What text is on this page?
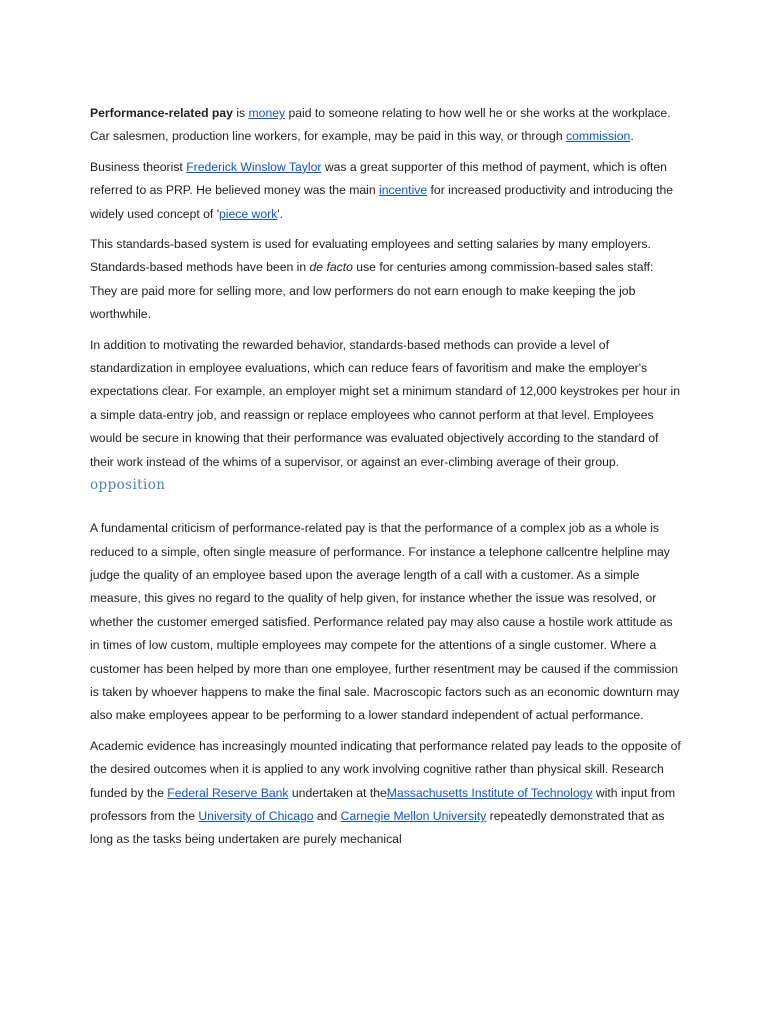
Performance-related pay is money paid to someone relating to how well he or she works at the workplace. Car salesmen, production line workers, for example, may be paid in this way, or through commission.

Business theorist Frederick Winslow Taylor was a great supporter of this method of payment, which is often referred to as PRP. He believed money was the main incentive for increased productivity and introducing the widely used concept of 'piece work'.

This standards-based system is used for evaluating employees and setting salaries by many employers. Standards-based methods have been in de facto use for centuries among commission-based sales staff: They are paid more for selling more, and low performers do not earn enough to make keeping the job worthwhile.

In addition to motivating the rewarded behavior, standards-based methods can provide a level of standardization in employee evaluations, which can reduce fears of favoritism and make the employer's expectations clear. For example, an employer might set a minimum standard of 12,000 keystrokes per hour in a simple data-entry job, and reassign or replace employees who cannot perform at that level. Employees would be secure in knowing that their performance was evaluated objectively according to the standard of their work instead of the whims of a supervisor, or against an ever-climbing average of their group.

opposition

A fundamental criticism of performance-related pay is that the performance of a complex job as a whole is reduced to a simple, often single measure of performance. For instance a telephone callcentre helpline may judge the quality of an employee based upon the average length of a call with a customer. As a simple measure, this gives no regard to the quality of help given, for instance whether the issue was resolved, or whether the customer emerged satisfied. Performance related pay may also cause a hostile work attitude as in times of low custom, multiple employees may compete for the attentions of a single customer. Where a customer has been helped by more than one employee, further resentment may be caused if the commission is taken by whoever happens to make the final sale. Macroscopic factors such as an economic downturn may also make employees appear to be performing to a lower standard independent of actual performance.

Academic evidence has increasingly mounted indicating that performance related pay leads to the opposite of the desired outcomes when it is applied to any work involving cognitive rather than physical skill. Research funded by the Federal Reserve Bank undertaken at theMassachusetts Institute of Technology with input from professors from the University of Chicago and Carnegie Mellon University repeatedly demonstrated that as long as the tasks being undertaken are purely mechanical
